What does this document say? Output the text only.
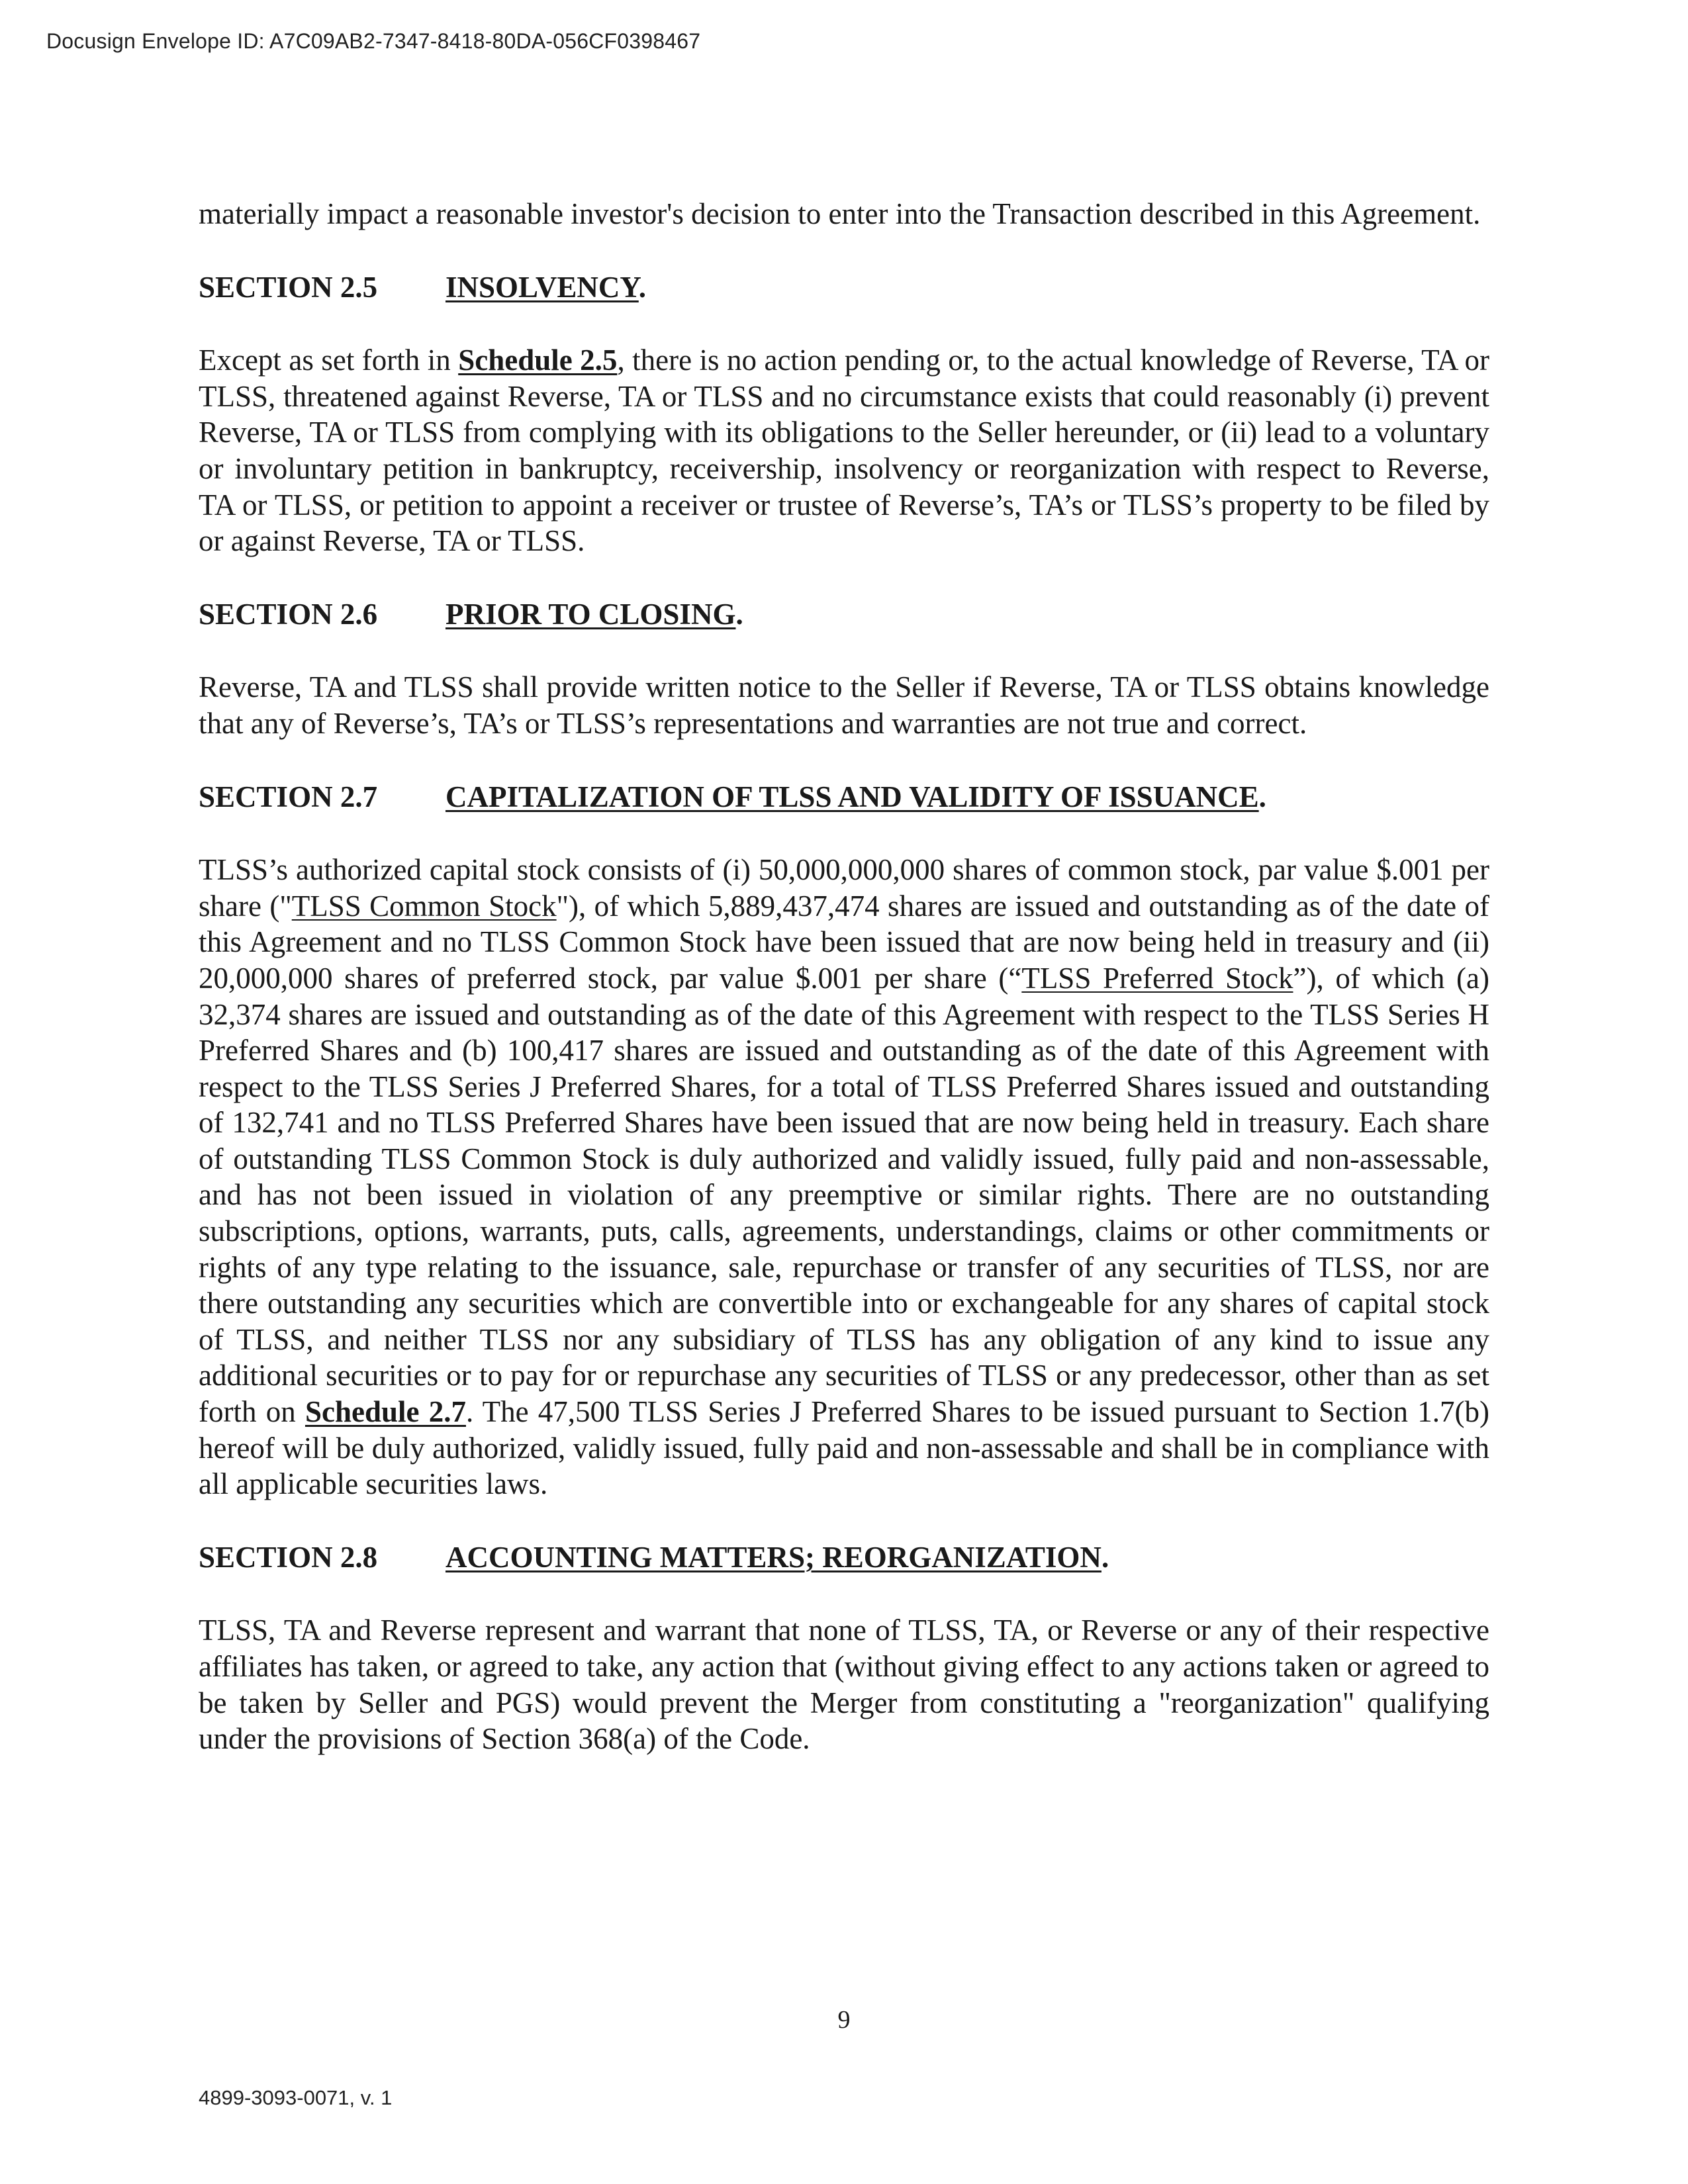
Docusign Envelope ID: A7C09AB2-7347-8418-80DA-056CF0398467

materially impact a reasonable investor's decision to enter into the Transaction described in this Agreement.

SECTION 2.5 INSOLVENCY.

Except as set forth in Schedule 2.5, there is no action pending or, to the actual knowledge of Reverse, TA or TLSS, threatened against Reverse, TA or TLSS and no circumstance exists that could reasonably (i) prevent Reverse, TA or TLSS from complying with its obligations to the Seller hereunder, or (ii) lead to a voluntary or involuntary petition in bankruptcy, receivership, insolvency or reorganization with respect to Reverse, TA or TLSS, or petition to appoint a receiver or trustee of Reverse’s, TA’s or TLSS’s property to be filed by or against Reverse, TA or TLSS.

SECTION 2.6 PRIOR TO CLOSING.

Reverse, TA and TLSS shall provide written notice to the Seller if Reverse, TA or TLSS obtains knowledge that any of Reverse’s, TA’s or TLSS’s representations and warranties are not true and correct.

SECTION 2.7 CAPITALIZATION OF TLSS AND VALIDITY OF ISSUANCE.

TLSS’s authorized capital stock consists of (i) 50,000,000,000 shares of common stock, par value $.001 per share ("TLSS Common Stock"), of which 5,889,437,474 shares are issued and outstanding as of the date of this Agreement and no TLSS Common Stock have been issued that are now being held in treasury and (ii) 20,000,000 shares of preferred stock, par value $.001 per share (“TLSS Preferred Stock”), of which (a) 32,374 shares are issued and outstanding as of the date of this Agreement with respect to the TLSS Series H Preferred Shares and (b) 100,417 shares are issued and outstanding as of the date of this Agreement with respect to the TLSS Series J Preferred Shares, for a total of TLSS Preferred Shares issued and outstanding of 132,741 and no TLSS Preferred Shares have been issued that are now being held in treasury. Each share of outstanding TLSS Common Stock is duly authorized and validly issued, fully paid and non-assessable, and has not been issued in violation of any preemptive or similar rights. There are no outstanding subscriptions, options, warrants, puts, calls, agreements, understandings, claims or other commitments or rights of any type relating to the issuance, sale, repurchase or transfer of any securities of TLSS, nor are there outstanding any securities which are convertible into or exchangeable for any shares of capital stock of TLSS, and neither TLSS nor any subsidiary of TLSS has any obligation of any kind to issue any additional securities or to pay for or repurchase any securities of TLSS or any predecessor, other than as set forth on Schedule 2.7. The 47,500 TLSS Series J Preferred Shares to be issued pursuant to Section 1.7(b) hereof will be duly authorized, validly issued, fully paid and non-assessable and shall be in compliance with all applicable securities laws.

SECTION 2.8 ACCOUNTING MATTERS; REORGANIZATION.

TLSS, TA and Reverse represent and warrant that none of TLSS, TA, or Reverse or any of their respective affiliates has taken, or agreed to take, any action that (without giving effect to any actions taken or agreed to be taken by Seller and PGS) would prevent the Merger from constituting a "reorganization" qualifying under the provisions of Section 368(a) of the Code.

9
4899-3093-0071, v. 1
